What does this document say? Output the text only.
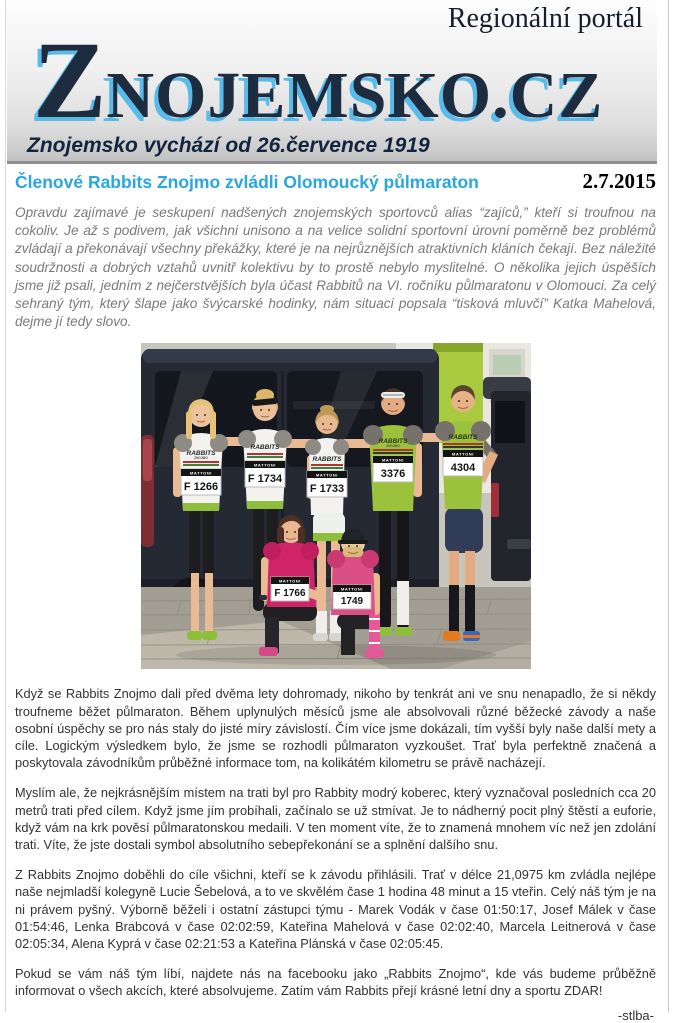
Regionální portál
ZNOJEMSKO.CZ
Znojemsko vychází od 26.července 1919
Členové Rabbits Znojmo zvládli Olomoucký půlmaraton	2.7.2015

Opravdu zajímavé je seskupení nadšených znojemských sportovců alias “zajíců,” kteří si troufnou na cokoliv. Je až s podivem, jak všichni unisono a na velice solidní sportovní úrovni poměrně bez problémů zvládají a překonávají všechny překážky, které je na nejrůznějších atraktivních kláních čekají. Bez náležité soudržnosti a dobrých vztahů uvnitř kolektivu by to prostě nebylo myslitelné. O několika jejich úspěších jsme již psali, jedním z nejčerstvějších byla účast Rabbitů na VI. ročníku půlmaratonu v Olomouci. Za celý sehraný tým, který šlape jako švýcarské hodinky, nám situaci popsala “tisková mluvčí” Katka Mahelová, dejme jí tedy slovo.

RABBITS
ZNOJMO
MATTONI
F 1266
RABBITS
MATTONI
F 1734
RABBITS
MATTONI
F 1733
RABBITS
ZNOJMO
MATTONI
3376
RABBITS
MATTONI
4304
MATTONI
F 1766	MATTONI
1749

Když se Rabbits Znojmo dali před dvěma lety dohromady, nikoho by tenkrát ani ve snu nenapadlo, že si někdy troufneme běžet půlmaraton. Během uplynulých měsíců jsme ale absolvovali různé běžecké závody a naše osobní úspěchy se pro nás staly do jisté míry závislostí. Čím více jsme dokázali, tím vyšší byly naše další mety a cíle. Logickým výsledkem bylo, že jsme se rozhodli půlmaraton vyzkoušet. Trať byla perfektně značená a poskytovala závodníkům průběžné informace tom, na kolikátém kilometru se právě nacházejí.

Myslím ale, že nejkrásnějším místem na trati byl pro Rabbity modrý koberec, který vyznačoval posledních cca 20 metrů trati před cílem. Když jsme jím probíhali, začínalo se už stmívat. Je to nádherný pocit plný štěstí a euforie, když vám na krk pověsí půlmaratonskou medaili. V ten moment víte, že to znamená mnohem víc než jen zdolání trati. Víte, že jste dostali symbol absolutního sebepřekonání se a splnění dalšího snu.

Z Rabbits Znojmo doběhli do cíle všichni, kteří se k závodu přihlásili. Trať v délce 21,0975 km zvládla nejlépe naše nejmladší kolegyně Lucie Šebelová, a to ve skvělém čase 1 hodina 48 minut a 15 vteřin. Celý náš tým je na ni právem pyšný. Výborně běželi i ostatní zástupci týmu - Marek Vodák v čase 01:50:17, Josef Málek v čase 01:54:46, Lenka Brabcová v čase 02:02:59, Kateřina Mahelová v čase 02:02:40, Marcela Leitnerová v čase 02:05:34, Alena Kyprá v čase 02:21:53 a Kateřina Plánská v čase 02:05:45.

Pokud se vám náš tým líbí, najdete nás na facebooku jako „Rabbits Znojmo“, kde vás budeme průběžně informovat o všech akcích, které absolvujeme. Zatím vám Rabbits přejí krásné letní dny a sportu ZDAR!

-stlba-
